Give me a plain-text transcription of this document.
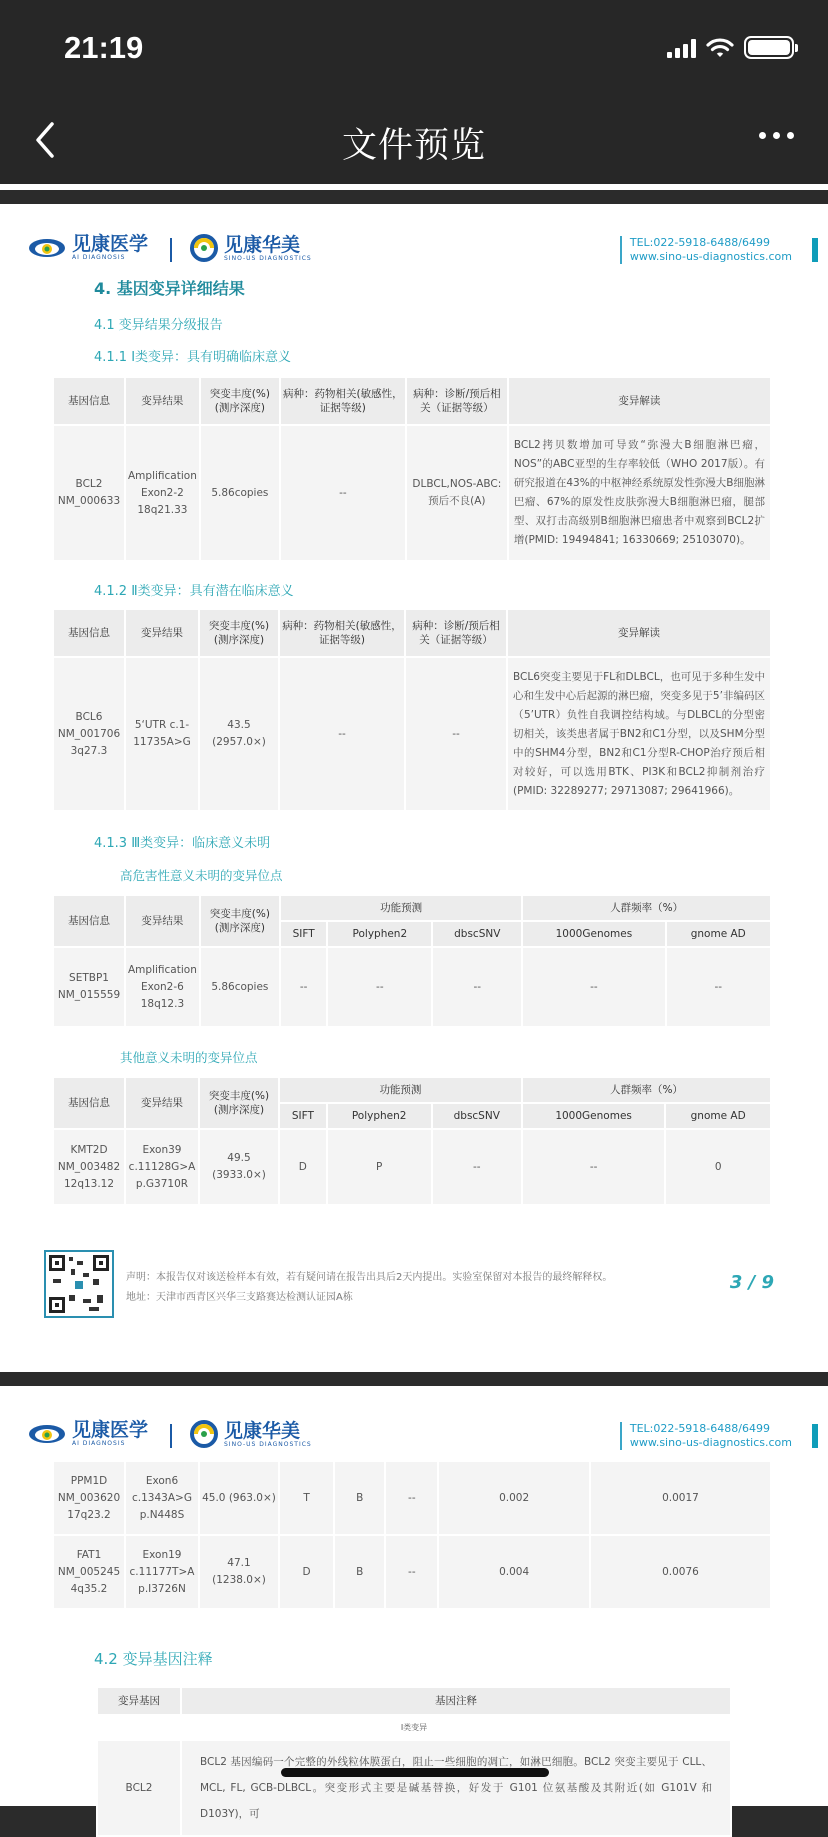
21:19
文件预览
见康医学
AI DIAGNOSIS
见康华美
SINO-US DIAGNOSTICS
TEL:022-5918-6488/6499
www.sino-us-diagnostics.com
4. 基因变异详细结果
4.1 变异结果分级报告
4.1.1 Ⅰ类变异：具有明确临床意义
基因信息	变异结果	突变丰度(%)(测序深度)	病种：药物相关(敏感性，证据等级)	病种：诊断/预后相关（证据等级）	变异解读
BCL2 NM_000633	Amplification Exon2-2 18q21.33	5.86copies	--	DLBCL,NOS-ABC:预后不良(A)	BCL2拷贝数增加可导致“弥漫大B细胞淋巴瘤，NOS”的ABC亚型的生存率较低（WHO 2017版）。有研究报道在43%的中枢神经系统原发性弥漫大B细胞淋巴瘤、67%的原发性皮肤弥漫大B细胞淋巴瘤，腿部型、双打击高级别B细胞淋巴瘤患者中观察到BCL2扩增(PMID: 19494841; 16330669; 25103070)。
4.1.2 Ⅱ类变异：具有潜在临床意义
基因信息	变异结果	突变丰度(%)(测序深度)	病种：药物相关(敏感性，证据等级)	病种：诊断/预后相关（证据等级）	变异解读
BCL6 NM_001706 3q27.3	5‘UTR c.1-11735A>G	43.5 (2957.0×)	--	--	BCL6突变主要见于FL和DLBCL，也可见于多种生发中心和生发中心后起源的淋巴瘤，突变多见于5’非编码区（5’UTR）负性自我调控结构域。与DLBCL的分型密切相关，该类患者属于BN2和C1分型，以及SHM分型中的SHM4分型，BN2和C1分型R-CHOP治疗预后相对较好，可以选用BTK、PI3K和BCL2抑制剂治疗(PMID: 32289277; 29713087; 29641966)。
4.1.3 Ⅲ类变异：临床意义未明
高危害性意义未明的变异位点
基因信息	变异结果	突变丰度(%)(测序深度)	功能预测			人群频率（%）	
			SIFT	Polyphen2	dbscSNV	1000Genomes	gnome AD
SETBP1 NM_015559	Amplification Exon2-6 18q12.3	5.86copies	--	--	--	--	--
其他意义未明的变异位点
基因信息	变异结果	突变丰度(%)(测序深度)	功能预测			人群频率（%）	
			SIFT	Polyphen2	dbscSNV	1000Genomes	gnome AD
KMT2D NM_003482 12q13.12	Exon39 c.11128G>A p.G3710R	49.5 (3933.0×)	D	P	--	--	0
声明：本报告仅对该送检样本有效，若有疑问请在报告出具后2天内提出。实验室保留对本报告的最终解释权。
地址：天津市西青区兴华三支路赛达检测认证园A栋
3 / 9
见康医学
AI DIAGNOSIS
见康华美
SINO-US DIAGNOSTICS
TEL:022-5918-6488/6499
www.sino-us-diagnostics.com
PPM1D NM_003620 17q23.2	Exon6 c.1343A>G p.N448S	45.0 (963.0×)	T	B	--	0.002	0.0017
FAT1 NM_005245 4q35.2	Exon19 c.11177T>A p.I3726N	47.1 (1238.0×)	D	B	--	0.004	0.0076
4.2 变异基因注释
变异基因	基因注释
Ⅰ类变异	
BCL2	BCL2 基因编码一个完整的外线粒体膜蛋白，阻止一些细胞的凋亡，如淋巴细胞。BCL2 突变主要见于 CLL、MCL, FL, GCB-DLBCL。突变形式主要是碱基替换，好发于 G101 位氨基酸及其附近(如 G101V 和 D103Y)，可
